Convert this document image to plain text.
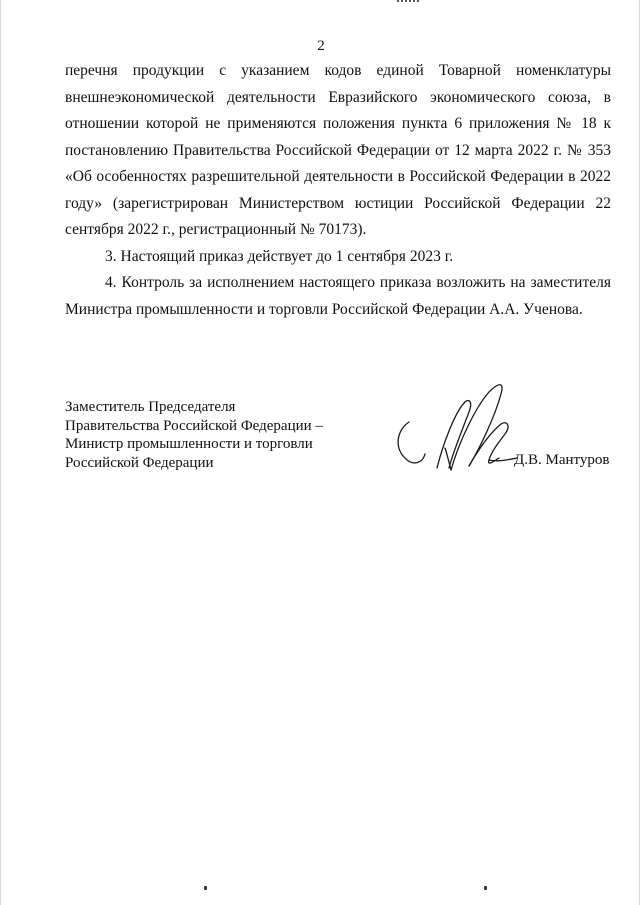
2

перечня продукции с указанием кодов единой Товарной номенклатуры внешнеэкономической деятельности Евразийского экономического союза, в отношении которой не применяются положения пункта 6 приложения № 18 к постановлению Правительства Российской Федерации от 12 марта 2022 г. № 353 «Об особенностях разрешительной деятельности в Российской Федерации в 2022 году» (зарегистрирован Министерством юстиции Российской Федерации 22 сентября 2022 г., регистрационный № 70173).

3. Настоящий приказ действует до 1 сентября 2023 г.

4. Контроль за исполнением настоящего приказа возложить на заместителя Министра промышленности и торговли Российской Федерации А.А. Ученова.

Заместитель Председателя
Правительства Российской Федерации –
Министр промышленности и торговли
Российской Федерации	Д.В. Мантуров
